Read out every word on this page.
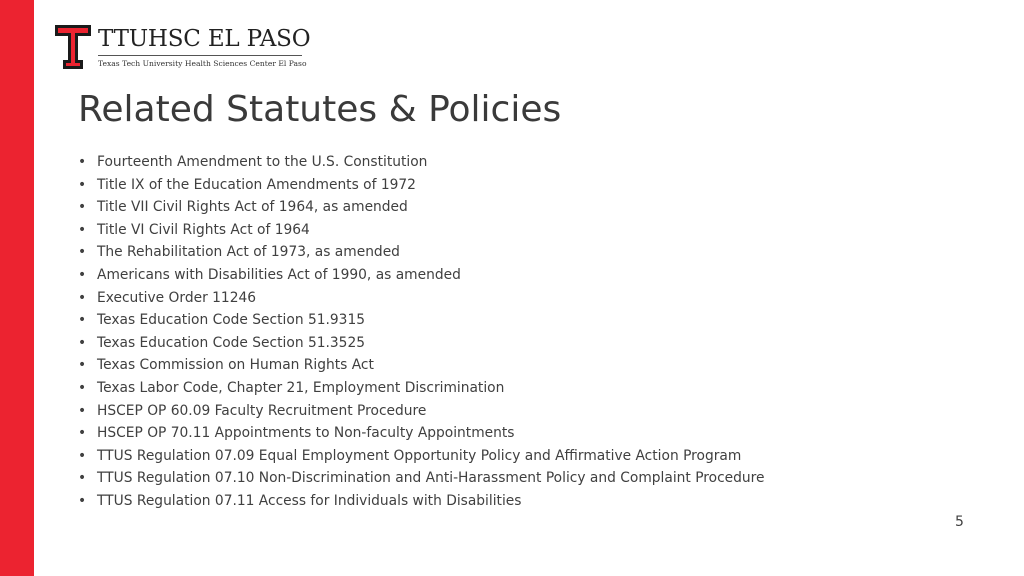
TTUHSC EL PASO
Texas Tech University Health Sciences Center El Paso
Related Statutes & Policies
• Fourteenth Amendment to the U.S. Constitution
• Title IX of the Education Amendments of 1972
• Title VII Civil Rights Act of 1964, as amended
• Title VI Civil Rights Act of 1964
• The Rehabilitation Act of 1973, as amended
• Americans with Disabilities Act of 1990, as amended
• Executive Order 11246
• Texas Education Code Section 51.9315
• Texas Education Code Section 51.3525
• Texas Commission on Human Rights Act
• Texas Labor Code, Chapter 21, Employment Discrimination
• HSCEP OP 60.09 Faculty Recruitment Procedure
• HSCEP OP 70.11 Appointments to Non-faculty Appointments
• TTUS Regulation 07.09 Equal Employment Opportunity Policy and Affirmative Action Program
• TTUS Regulation 07.10 Non-Discrimination and Anti-Harassment Policy and Complaint Procedure
• TTUS Regulation 07.11 Access for Individuals with Disabilities
5
